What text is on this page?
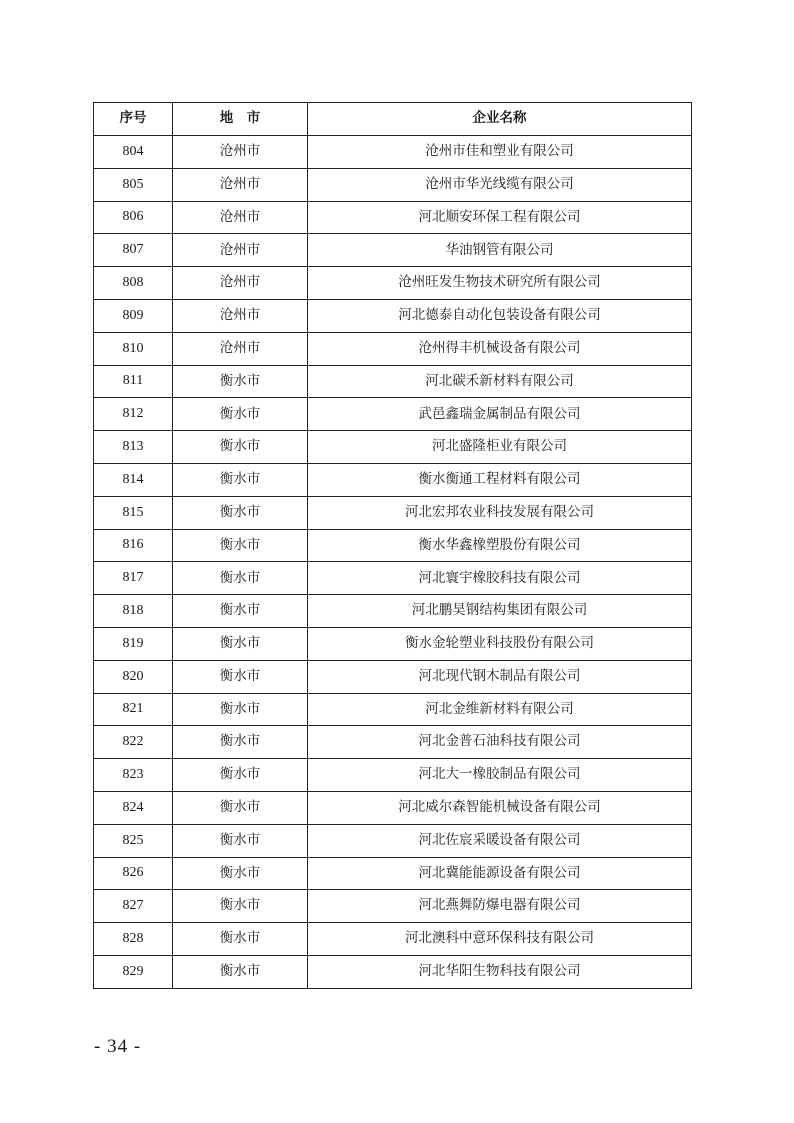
序号	地　市	企业名称
804	沧州市	沧州市佳和塑业有限公司
805	沧州市	沧州市华光线缆有限公司
806	沧州市	河北顺安环保工程有限公司
807	沧州市	华油钢管有限公司
808	沧州市	沧州旺发生物技术研究所有限公司
809	沧州市	河北德泰自动化包装设备有限公司
810	沧州市	沧州得丰机械设备有限公司
811	衡水市	河北碳禾新材料有限公司
812	衡水市	武邑鑫瑞金属制品有限公司
813	衡水市	河北盛隆柜业有限公司
814	衡水市	衡水衡通工程材料有限公司
815	衡水市	河北宏邦农业科技发展有限公司
816	衡水市	衡水华鑫橡塑股份有限公司
817	衡水市	河北寰宇橡胶科技有限公司
818	衡水市	河北鹏昊钢结构集团有限公司
819	衡水市	衡水金轮塑业科技股份有限公司
820	衡水市	河北现代钢木制品有限公司
821	衡水市	河北金维新材料有限公司
822	衡水市	河北金普石油科技有限公司
823	衡水市	河北大一橡胶制品有限公司
824	衡水市	河北威尔森智能机械设备有限公司
825	衡水市	河北佐宸采暖设备有限公司
826	衡水市	河北冀能能源设备有限公司
827	衡水市	河北燕舞防爆电器有限公司
828	衡水市	河北澳科中意环保科技有限公司
829	衡水市	河北华阳生物科技有限公司
- 34 -
